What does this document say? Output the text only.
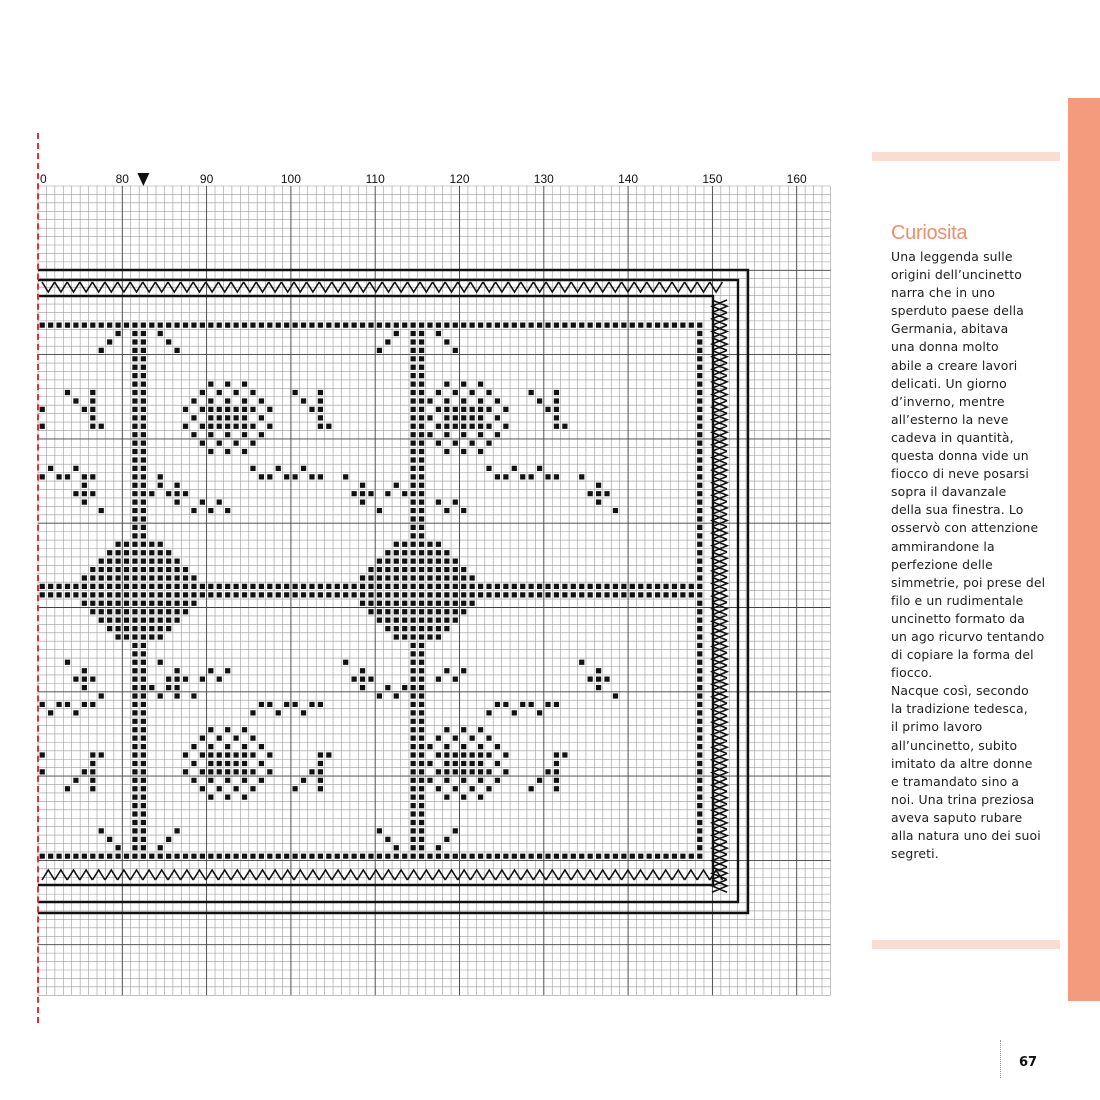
0	80	90	100	110	120	130	140	150	160
Curiosita

Una leggenda sulle
origini dell’uncinetto
narra che in uno
sperduto paese della
Germania, abitava
una donna molto
abile a creare lavori
delicati. Un giorno
d’inverno, mentre
all’esterno la neve
cadeva in quantità,
questa donna vide un
fiocco di neve posarsi
sopra il davanzale
della sua finestra. Lo
osservò con attenzione
ammirandone la
perfezione delle
simmetrie, poi prese del
filo e un rudimentale
uncinetto formato da
un ago ricurvo tentando
di copiare la forma del
fiocco.
Nacque così, secondo
la tradizione tedesca,
il primo lavoro
all’uncinetto, subito
imitato da altre donne
e tramandato sino a
noi. Una trina preziosa
aveva saputo rubare
alla natura uno dei suoi
segreti.

67
